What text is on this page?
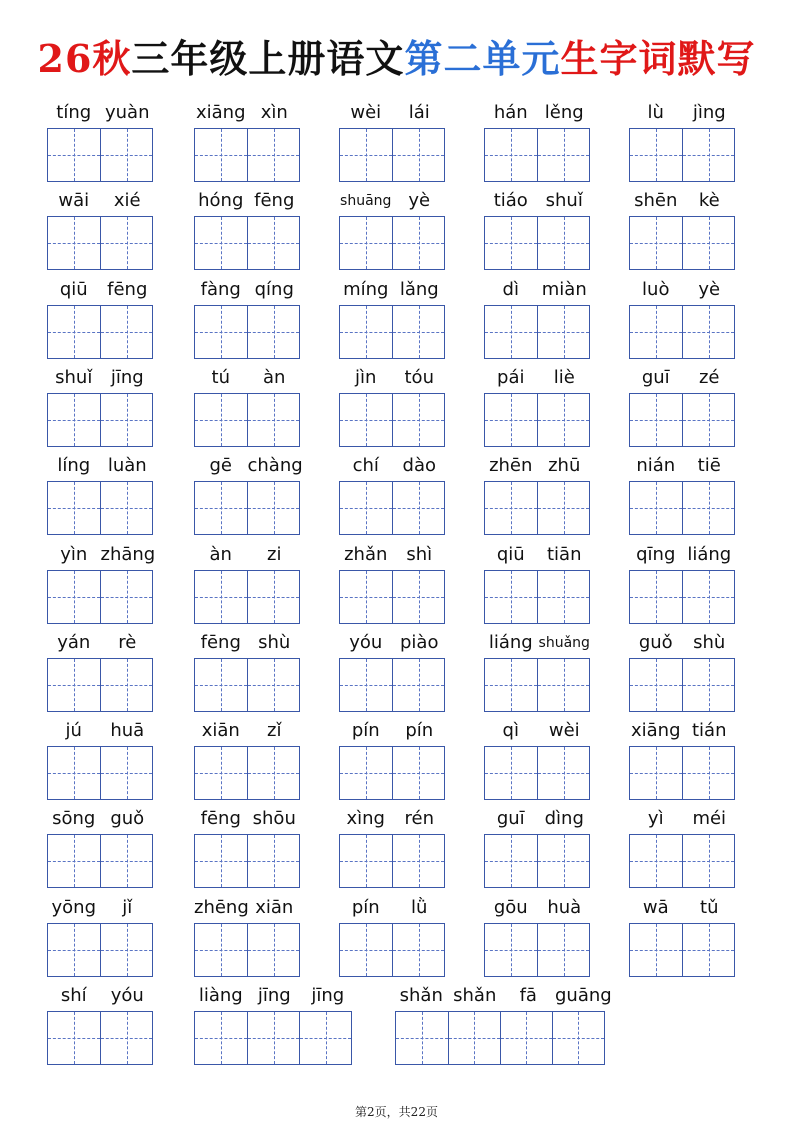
26秋三年级上册语文第二单元生字词默写
tíng yuàn	xiāng xìn	wèi	lái	hán lěng	lù	jìng
wāi	xié	hóng fēng	shuāng yè	tiáo shuǐ	shēn	kè
qiū	fēng	fàng qíng	míng lǎng	dì	miàn	luò	yè
shuǐ	jīng	tú	àn	jìn	tóu	pái	liè	guī	zé
líng luàn	gē chàng	chí	dào	zhēn zhū	nián	tiē
yìn zhāng	àn	zi	zhǎn	shì	qiū	tiān	qīng liáng
yán	rè	fēng shù	yóu piào	liáng shuǎng	guǒ	shù
jú	huā	xiān	zǐ	pín	pín	qì	wèi	xiāng tián
sōng guǒ	fēng shōu	xìng	rén	guī	dìng	yì	méi
yōng	jǐ	zhēng xiān	pín	lǜ	gōu	huà	wā	tǔ
shí	yóu	liàng jīng	jīng	shǎn shǎn	fā	guāng
第2页，共22页
